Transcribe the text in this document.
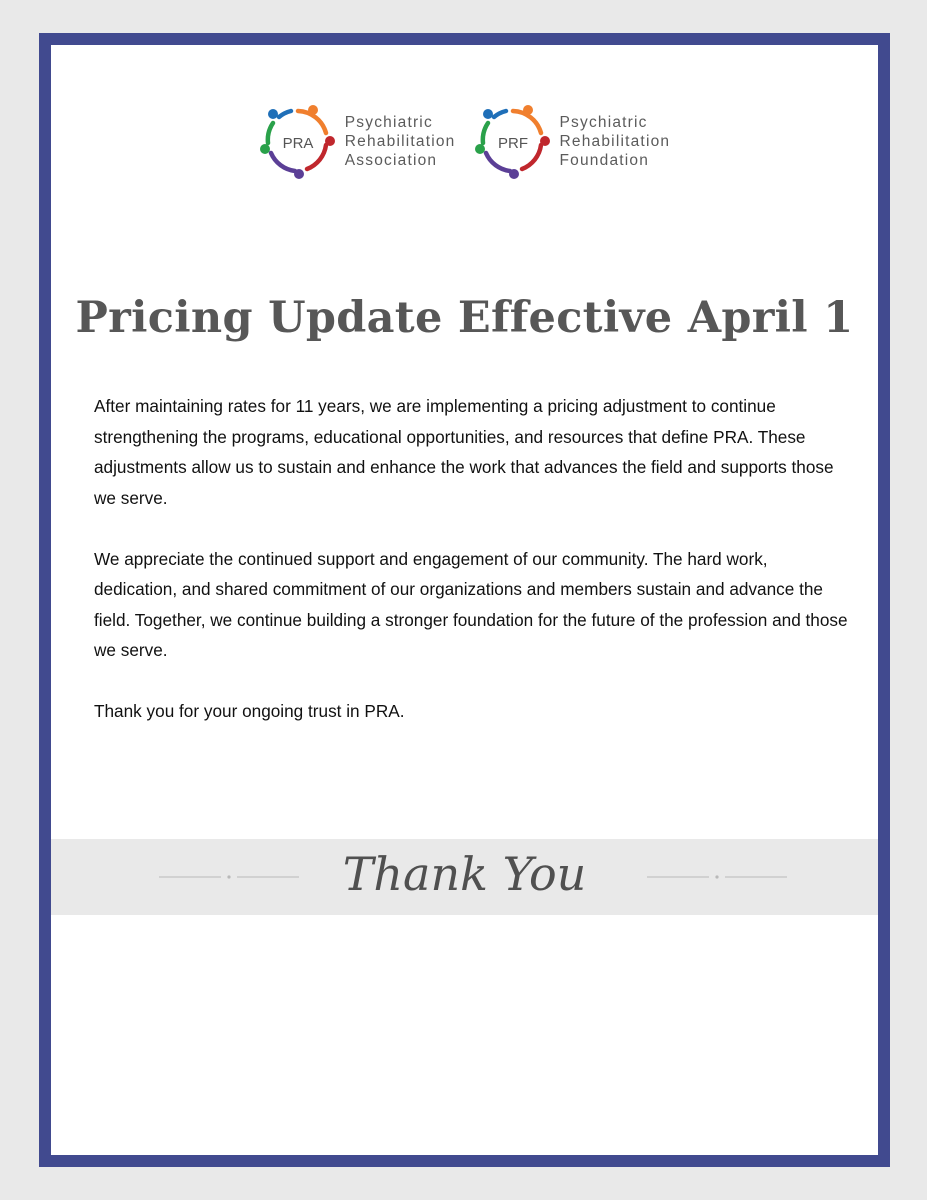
PRA
Psychiatric
Rehabilitation
Association
PRF
Psychiatric
Rehabilitation
Foundation
Pricing Update Effective April 1

After maintaining rates for 11 years, we are implementing a pricing adjustment to continue strengthening the programs, educational opportunities, and resources that define PRA. These adjustments allow us to sustain and enhance the work that advances the field and supports those we serve.

We appreciate the continued support and engagement of our community. The hard work, dedication, and shared commitment of our organizations and members sustain and advance the field. Together, we continue building a stronger foundation for the future of the profession and those we serve.

Thank you for your ongoing trust in PRA.

Thank You
